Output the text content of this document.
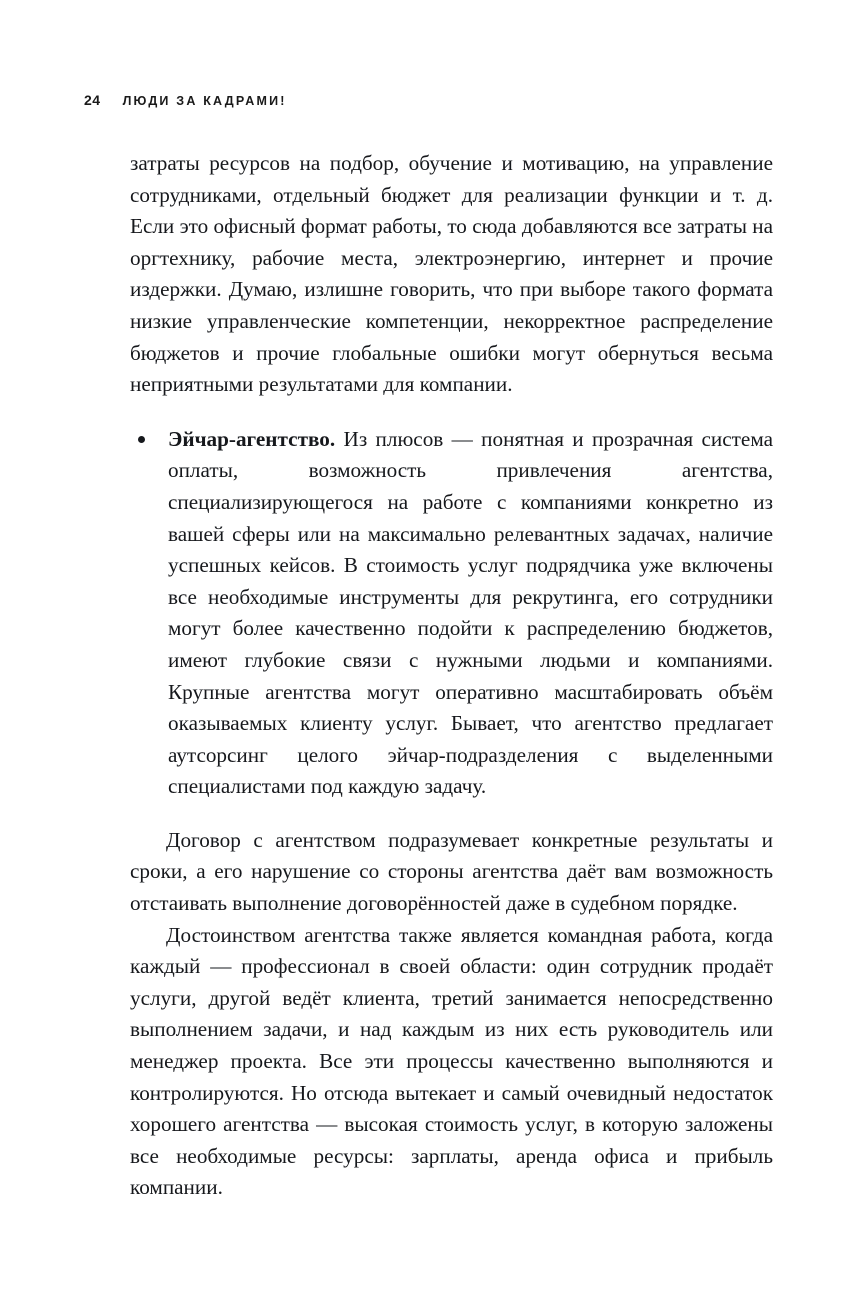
24 ЛЮДИ ЗА КАДРАМИ!

затраты ресурсов на подбор, обучение и мотивацию, на управление сотрудниками, отдельный бюджет для реализации функции и т. д. Если это офисный формат работы, то сюда добавляются все затраты на оргтехнику, рабочие места, электроэнергию, интернет и прочие издержки. Думаю, излишне говорить, что при выборе такого формата низкие управленческие компетенции, некорректное распределение бюджетов и прочие глобальные ошибки могут обернуться весьма неприятными результатами для компании.

Эйчар-агентство. Из плюсов — понятная и прозрачная система оплаты, возможность привлечения агентства, специализирующегося на работе с компаниями конкретно из вашей сферы или на максимально релевантных задачах, наличие успешных кейсов. В стоимость услуг подрядчика уже включены все необходимые инструменты для рекрутинга, его сотрудники могут более качественно подойти к распределению бюджетов, имеют глубокие связи с нужными людьми и компаниями. Крупные агентства могут оперативно масштабировать объём оказываемых клиенту услуг. Бывает, что агентство предлагает аутсорсинг целого эйчар-подразделения с выделенными специалистами под каждую задачу.

Договор с агентством подразумевает конкретные результаты и сроки, а его нарушение со стороны агентства даёт вам возможность отстаивать выполнение договорённостей даже в судебном порядке.

Достоинством агентства также является командная работа, когда каждый — профессионал в своей области: один сотрудник продаёт услуги, другой ведёт клиента, третий занимается непосредственно выполнением задачи, и над каждым из них есть руководитель или менеджер проекта. Все эти процессы качественно выполняются и контролируются. Но отсюда вытекает и самый очевидный недостаток хорошего агентства — высокая стоимость услуг, в которую заложены все необходимые ресурсы: зарплаты, аренда офиса и прибыль компании.
